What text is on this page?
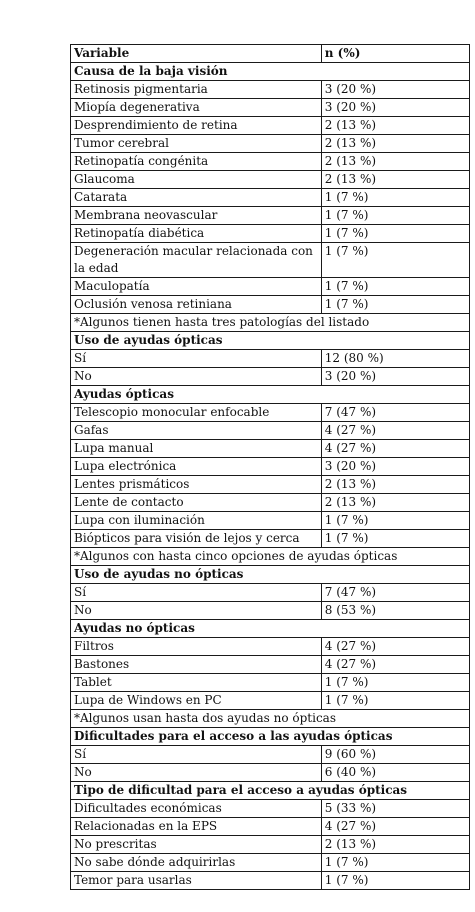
Variable	n (%)
Causa de la baja visión	
Retinosis pigmentaria	3 (20 %)
Miopía degenerativa	3 (20 %)
Desprendimiento de retina	2 (13 %)
Tumor cerebral	2 (13 %)
Retinopatía congénita	2 (13 %)
Glaucoma	2 (13 %)
Catarata	1 (7 %)
Membrana neovascular	1 (7 %)
Retinopatía diabética	1 (7 %)
Degeneración macular relacionada con la edad	1 (7 %)
Maculopatía	1 (7 %)
Oclusión venosa retiniana	1 (7 %)
*Algunos tienen hasta tres patologías del listado	
Uso de ayudas ópticas	
Sí	12 (80 %)
No	3 (20 %)
Ayudas ópticas	
Telescopio monocular enfocable	7 (47 %)
Gafas	4 (27 %)
Lupa manual	4 (27 %)
Lupa electrónica	3 (20 %)
Lentes prismáticos	2 (13 %)
Lente de contacto	2 (13 %)
Lupa con iluminación	1 (7 %)
Biópticos para visión de lejos y cerca	1 (7 %)
*Algunos con hasta cinco opciones de ayudas ópticas	
Uso de ayudas no ópticas	
Sí	7 (47 %)
No	8 (53 %)
Ayudas no ópticas	
Filtros	4 (27 %)
Bastones	4 (27 %)
Tablet	1 (7 %)
Lupa de Windows en PC	1 (7 %)
*Algunos usan hasta dos ayudas no ópticas	
Dificultades para el acceso a las ayudas ópticas	
Sí	9 (60 %)
No	6 (40 %)
Tipo de dificultad para el acceso a ayudas ópticas	
Dificultades económicas	5 (33 %)
Relacionadas en la EPS	4 (27 %)
No prescritas	2 (13 %)
No sabe dónde adquirirlas	1 (7 %)
Temor para usarlas	1 (7 %)
